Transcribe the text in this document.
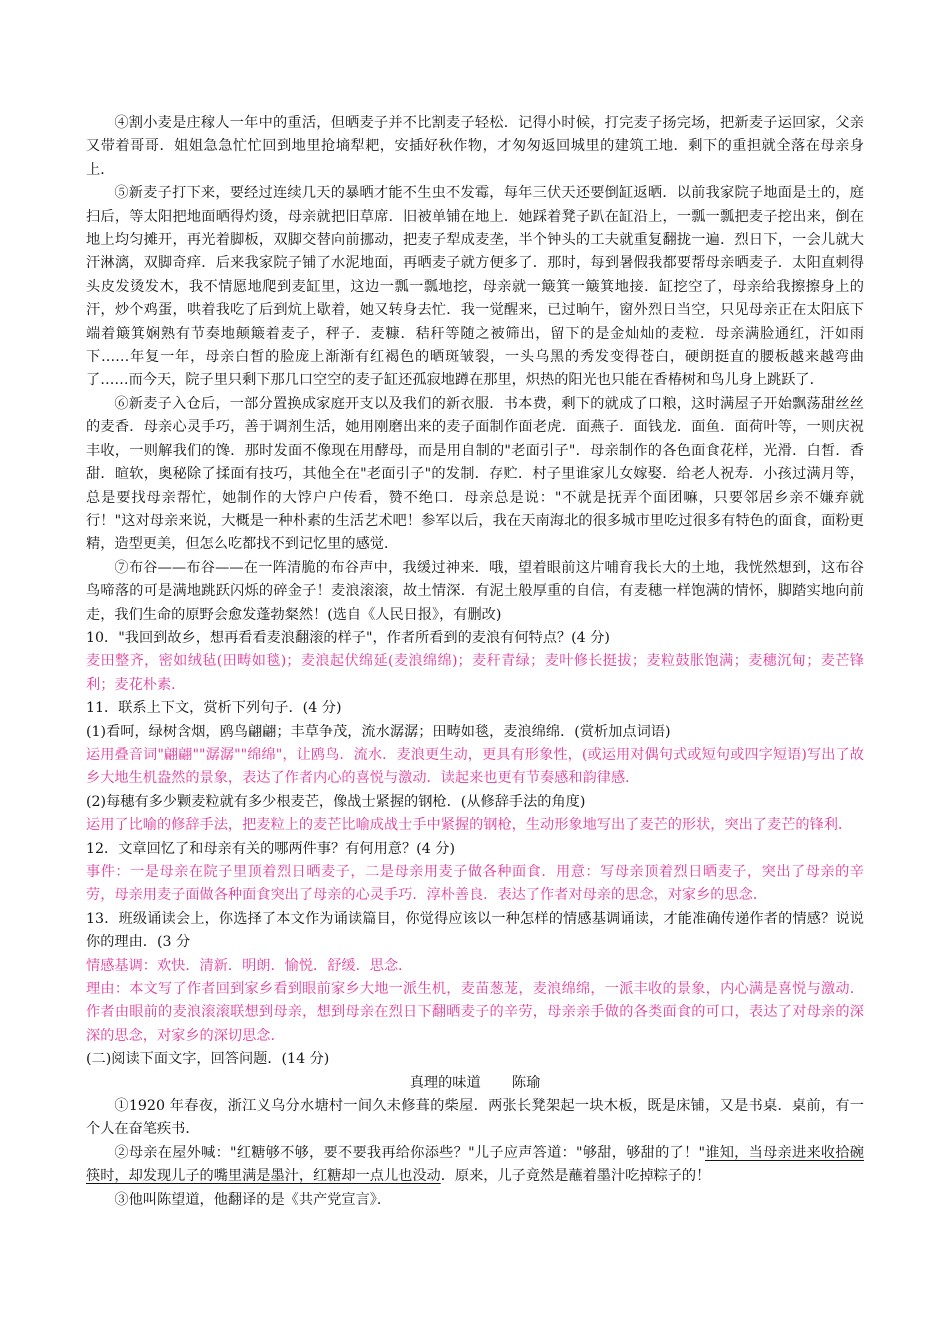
④割小麦是庄稼人一年中的重活，但晒麦子并不比割麦子轻松．记得小时候，打完麦子扬完场，把新麦子运回家，父亲又带着哥哥．姐姐急急忙忙回到地里抢墒犁耙，安插好秋作物，才匆匆返回城里的建筑工地．剩下的重担就全落在母亲身上．

⑤新麦子打下来，要经过连续几天的暴晒才能不生虫不发霉，每年三伏天还要倒缸返晒．以前我家院子地面是土的，庭扫后，等太阳把地面晒得灼烫，母亲就把旧草席．旧被单铺在地上．她踩着凳子趴在缸沿上，一瓢一瓢把麦子挖出来，倒在地上均匀摊开，再光着脚板，双脚交替向前挪动，把麦子犁成麦垄，半个钟头的工夫就重复翻拢一遍．烈日下，一会儿就大汗淋漓，双脚奇痒．后来我家院子铺了水泥地面，再晒麦子就方便多了．那时，每到暑假我都要帮母亲晒麦子．太阳直刺得头皮发烫发木，我不情愿地爬到麦缸里，这边一瓢一瓢地挖，母亲就一簸箕一簸箕地接．缸挖空了，母亲给我擦擦身上的汗，炒个鸡蛋，哄着我吃了后到炕上歇着，她又转身去忙．我一觉醒来，已过晌午，窗外烈日当空，只见母亲正在太阳底下端着簸箕娴熟有节奏地颠簸着麦子，秤子．麦糠．秸秆等随之被筛出，留下的是金灿灿的麦粒．母亲满脸通红，汗如雨下……年复一年，母亲白皙的脸庞上渐渐有红褐色的晒斑皱裂，一头乌黑的秀发变得苍白，硬朗挺直的腰板越来越弯曲了……而今天，院子里只剩下那几口空空的麦子缸还孤寂地蹲在那里，炽热的阳光也只能在香椿树和鸟儿身上跳跃了．

⑥新麦子入仓后，一部分置换成家庭开支以及我们的新衣服．书本费，剩下的就成了口粮，这时满屋子开始飘荡甜丝丝的麦香．母亲心灵手巧，善于调剂生活，她用刚磨出来的麦子面制作面老虎．面燕子．面钱龙．面鱼．面荷叶等，一则庆祝丰收，一则解我们的馋．那时发面不像现在用酵母，而是用自制的"老面引子"．母亲制作的各色面食花样，光滑．白皙．香甜．暄软，奥秘除了揉面有技巧，其他全在"老面引子"的发制．存贮．村子里谁家儿女嫁娶．给老人祝寿．小孩过满月等，总是要找母亲帮忙，她制作的大饽户户传看，赞不绝口．母亲总是说："不就是抚弄个面团嘛，只要邻居乡亲不嫌弃就行！"这对母亲来说，大概是一种朴素的生活艺术吧！参军以后，我在天南海北的很多城市里吃过很多有特色的面食，面粉更精，造型更美，但怎么吃都找不到记忆里的感觉．

⑦布谷——布谷——在一阵清脆的布谷声中，我缓过神来．哦，望着眼前这片哺育我长大的土地，我恍然想到，这布谷鸟啼落的可是满地跳跃闪烁的碎金子！麦浪滚滚，故土情深．有泥土般厚重的自信，有麦穗一样饱满的情怀，脚踏实地向前走，我们生命的原野会愈发蓬勃粲然！(选自《人民日报》，有删改)

10．"我回到故乡，想再看看麦浪翻滚的样子"，作者所看到的麦浪有何特点？(4 分)

麦田整齐，密如绒毡(田畴如毯)；麦浪起伏绵延(麦浪绵绵)；麦秆青绿；麦叶修长挺拔；麦粒鼓胀饱满；麦穗沉甸；麦芒锋利；麦花朴素．

11．联系上下文，赏析下列句子．(4 分)

(1)看呵，绿树含烟，鸥鸟翩翩；丰草争茂，流水潺潺；田畴如毯，麦浪绵绵．(赏析加点词语)

运用叠音词"翩翩""潺潺""绵绵"，让鸥鸟．流水．麦浪更生动，更具有形象性，(或运用对偶句式或短句或四字短语)写出了故乡大地生机盎然的景象，表达了作者内心的喜悦与激动．读起来也更有节奏感和韵律感．

(2)每穗有多少颗麦粒就有多少根麦芒，像战士紧握的钢枪．(从修辞手法的角度)

运用了比喻的修辞手法，把麦粒上的麦芒比喻成战士手中紧握的钢枪，生动形象地写出了麦芒的形状，突出了麦芒的锋利．

12．文章回忆了和母亲有关的哪两件事？有何用意？(4 分)

事件：一是母亲在院子里顶着烈日晒麦子，二是母亲用麦子做各种面食．用意：写母亲顶着烈日晒麦子，突出了母亲的辛劳，母亲用麦子面做各种面食突出了母亲的心灵手巧．淳朴善良．表达了作者对母亲的思念，对家乡的思念．

13．班级诵读会上，你选择了本文作为诵读篇目，你觉得应该以一种怎样的情感基调诵读，才能准确传递作者的情感？说说你的理由．(3 分

情感基调：欢快．清新．明朗．愉悦．舒缓．思念．

理由：本文写了作者回到家乡看到眼前家乡大地一派生机，麦苗葱茏，麦浪绵绵，一派丰收的景象，内心满是喜悦与激动．作者由眼前的麦浪滚滚联想到母亲，想到母亲在烈日下翻晒麦子的辛劳，母亲亲手做的各类面食的可口，表达了对母亲的深深的思念，对家乡的深切思念．

(二)阅读下面文字，回答问题．(14 分)

真理的味道 陈瑜

①1920 年春夜，浙江义乌分水塘村一间久未修葺的柴屋．两张长凳架起一块木板，既是床铺，又是书桌．桌前，有一个人在奋笔疾书．

②母亲在屋外喊："红糖够不够，要不要我再给你添些？"儿子应声答道："够甜，够甜的了！"谁知，当母亲进来收拾碗筷时，却发现儿子的嘴里满是墨汁，红糖却一点儿也没动．原来，儿子竟然是蘸着墨汁吃掉粽子的！

③他叫陈望道，他翻译的是《共产党宣言》．
